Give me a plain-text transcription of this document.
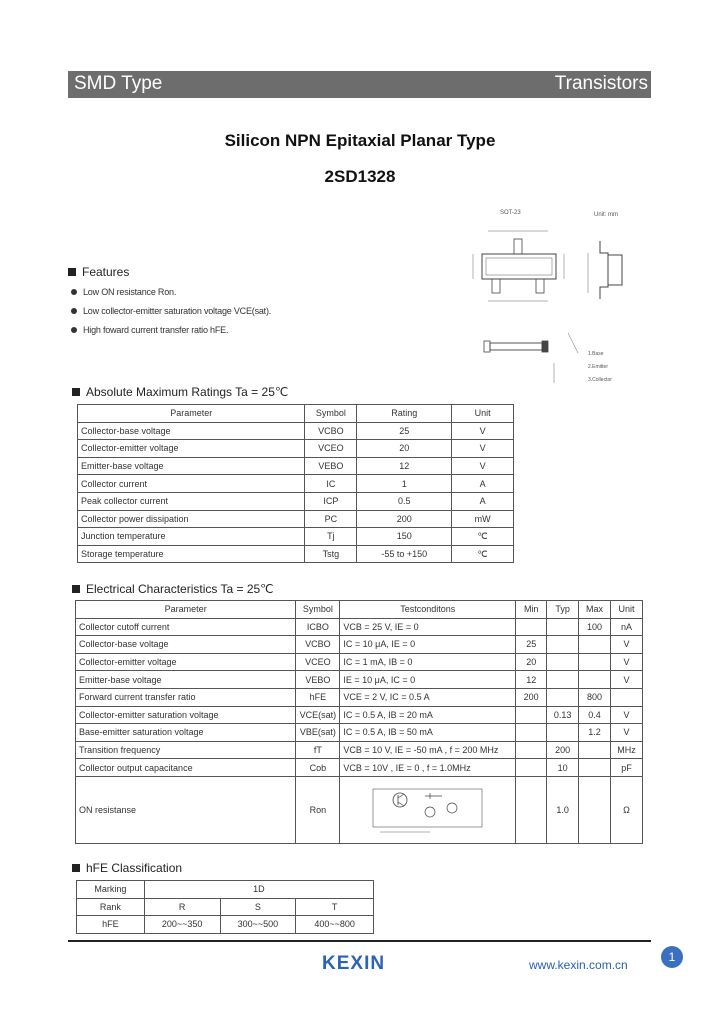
SMD Type	Transistors
Silicon NPN Epitaxial Planar Type
2SD1328
SOT-23	Unit: mm
1.Base
2.Emitter
3.Collector
Features
Low ON resistance Ron.
Low collector-emitter saturation voltage VCE(sat).
High foward current transfer ratio hFE.
Absolute Maximum Ratings Ta = 25℃
Parameter	Symbol	Rating	Unit
Collector-base voltage	VCBO	25	V
Collector-emitter voltage	VCEO	20	V
Emitter-base voltage	VEBO	12	V
Collector current	IC	1	A
Peak collector current	ICP	0.5	A
Collector power dissipation	PC	200	mW
Junction temperature	Tj	150	℃
Storage temperature	Tstg	-55 to +150	℃
Electrical Characteristics Ta = 25℃
Parameter	Symbol	Testconditons	Min	Typ	Max	Unit
Collector cutoff current	ICBO	VCB = 25 V, IE = 0			100	nA
Collector-base voltage	VCBO	IC = 10 μA, IE = 0	25			V
Collector-emitter voltage	VCEO	IC = 1 mA, IB = 0	20			V
Emitter-base voltage	VEBO	IE = 10 μA, IC = 0	12			V
Forward current transfer ratio	hFE	VCE = 2 V, IC = 0.5 A	200		800	
Collector-emitter saturation voltage	VCE(sat)	IC = 0.5 A, IB = 20 mA		0.13	0.4	V
Base-emitter saturation voltage	VBE(sat)	IC = 0.5 A, IB = 50 mA			1.2	V
Transition frequency	fT	VCB = 10 V, IE = -50 mA , f = 200 MHz		200		MHz
Collector output capacitance	Cob	VCB = 10V , IE = 0 , f = 1.0MHz		10		pF
ON resistanse	Ron			1.0		Ω
hFE Classification
Marking	1D		
Rank	R	S	T
hFE	200~~350	300~~500	400~~800
KEXIN	www.kexin.com.cn
1
